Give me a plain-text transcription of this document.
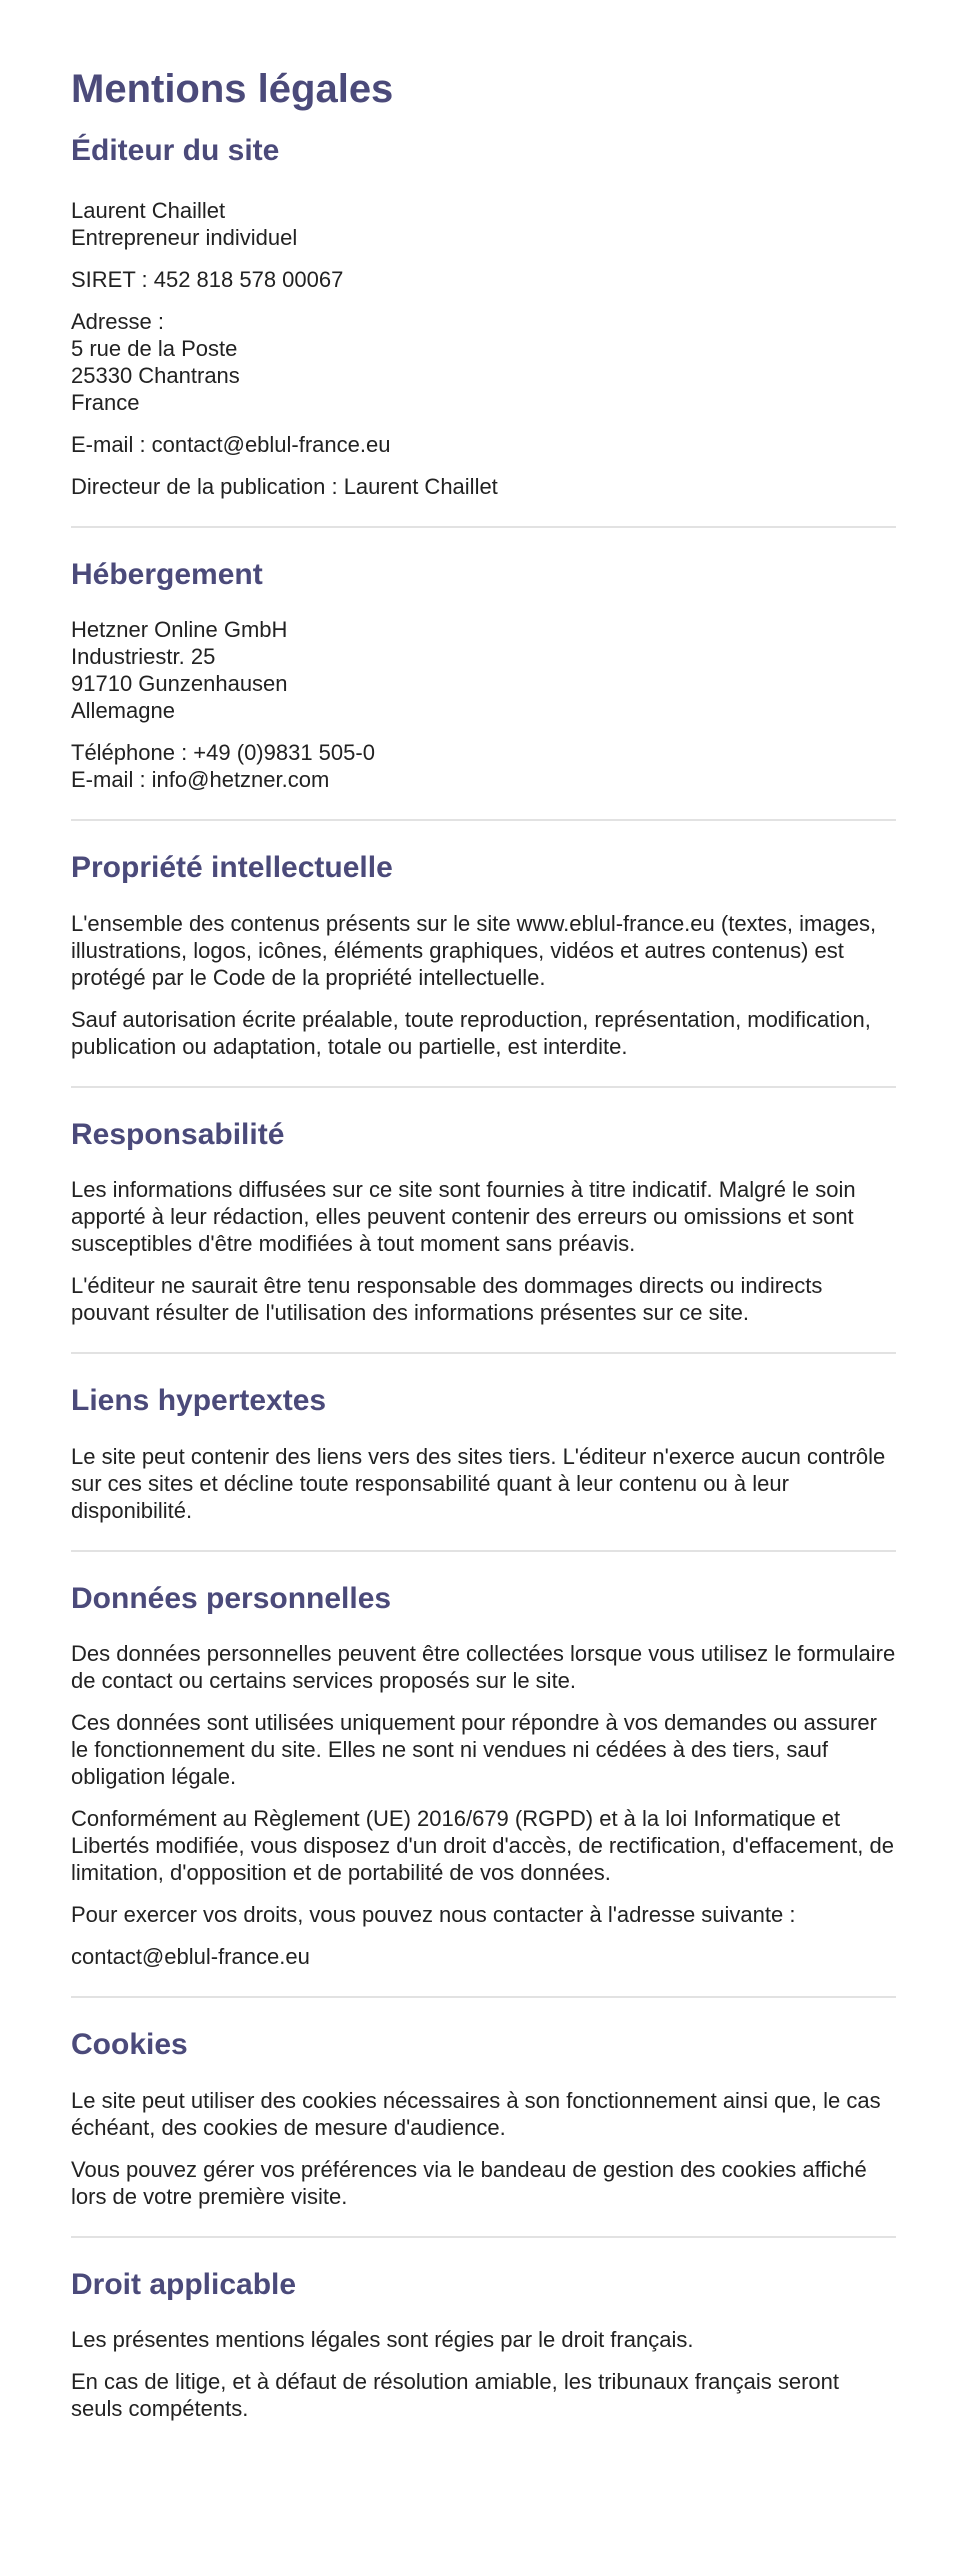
Mentions légales
Éditeur du site

Laurent Chaillet
Entrepreneur individuel

SIRET : 452 818 578 00067

Adresse :
5 rue de la Poste
25330 Chantrans
France

E-mail : contact@eblul-france.eu

Directeur de la publication : Laurent Chaillet

Hébergement

Hetzner Online GmbH
Industriestr. 25
91710 Gunzenhausen
Allemagne

Téléphone : +49 (0)9831 505-0
E-mail : info@hetzner.com

Propriété intellectuelle

L'ensemble des contenus présents sur le site www.eblul-france.eu (textes, images, illustrations, logos, icônes, éléments graphiques, vidéos et autres contenus) est protégé par le Code de la propriété intellectuelle.

Sauf autorisation écrite préalable, toute reproduction, représentation, modification, publication ou adaptation, totale ou partielle, est interdite.

Responsabilité

Les informations diffusées sur ce site sont fournies à titre indicatif. Malgré le soin apporté à leur rédaction, elles peuvent contenir des erreurs ou omissions et sont susceptibles d'être modifiées à tout moment sans préavis.

L'éditeur ne saurait être tenu responsable des dommages directs ou indirects pouvant résulter de l'utilisation des informations présentes sur ce site.

Liens hypertextes

Le site peut contenir des liens vers des sites tiers. L'éditeur n'exerce aucun contrôle sur ces sites et décline toute responsabilité quant à leur contenu ou à leur disponibilité.

Données personnelles

Des données personnelles peuvent être collectées lorsque vous utilisez le formulaire de contact ou certains services proposés sur le site.

Ces données sont utilisées uniquement pour répondre à vos demandes ou assurer le fonctionnement du site. Elles ne sont ni vendues ni cédées à des tiers, sauf obligation légale.

Conformément au Règlement (UE) 2016/679 (RGPD) et à la loi Informatique et Libertés modifiée, vous disposez d'un droit d'accès, de rectification, d'effacement, de limitation, d'opposition et de portabilité de vos données.

Pour exercer vos droits, vous pouvez nous contacter à l'adresse suivante :

contact@eblul-france.eu

Cookies

Le site peut utiliser des cookies nécessaires à son fonctionnement ainsi que, le cas échéant, des cookies de mesure d'audience.

Vous pouvez gérer vos préférences via le bandeau de gestion des cookies affiché lors de votre première visite.

Droit applicable

Les présentes mentions légales sont régies par le droit français.

En cas de litige, et à défaut de résolution amiable, les tribunaux français seront seuls compétents.
